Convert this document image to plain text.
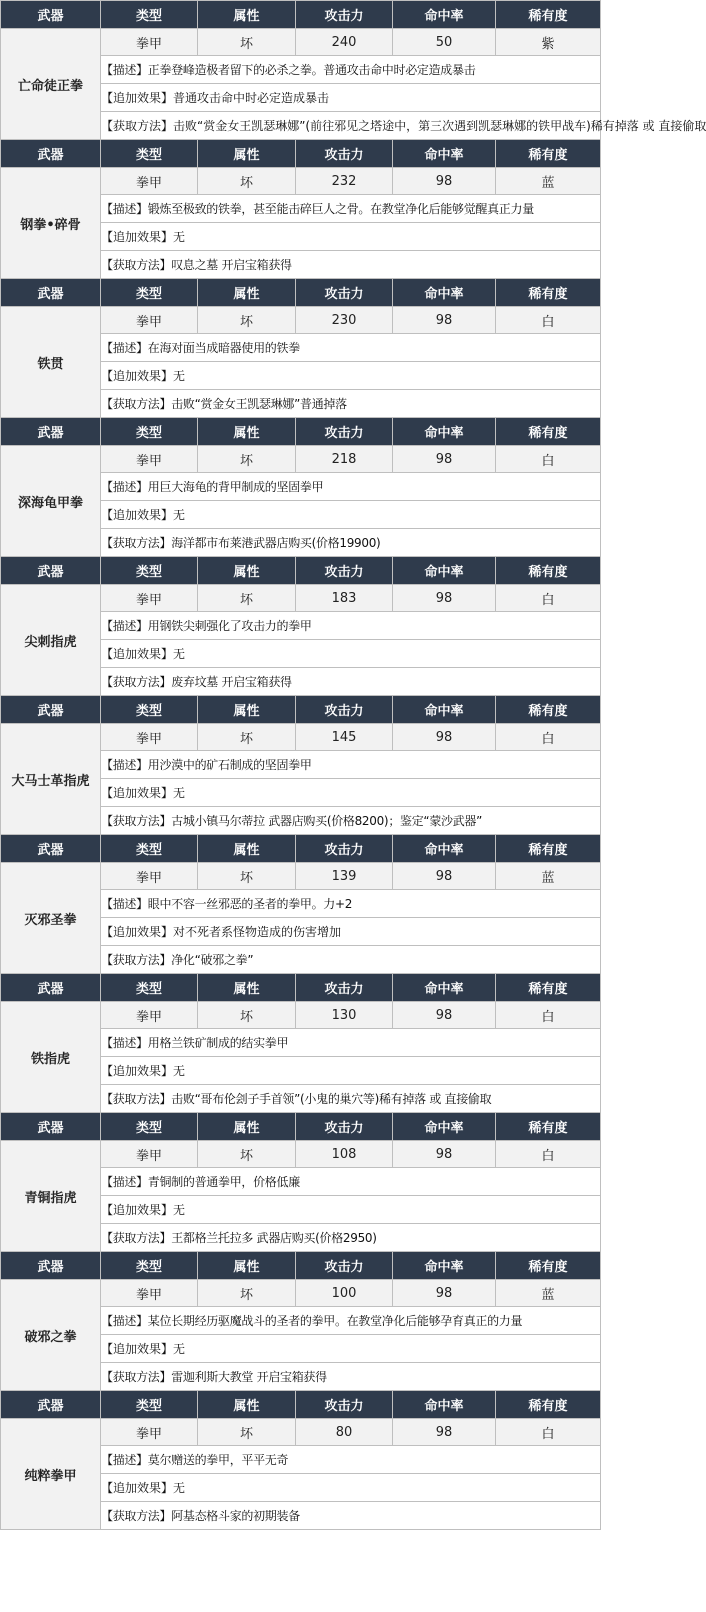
武器	类型	属性	攻击力	命中率	稀有度
亡命徒正拳	拳甲	坏	240	50	紫
	【描述】正拳登峰造极者留下的必杀之拳。普通攻击命中时必定造成暴击				
	【追加效果】普通攻击命中时必定造成暴击				
	【获取方法】击败“赏金女王凯瑟琳娜”(前往邪见之塔途中，第三次遇到凯瑟琳娜的铁甲战车)稀有掉落 或 直接偷取				
武器	类型	属性	攻击力	命中率	稀有度
钢拳•碎骨	拳甲	坏	232	98	蓝
	【描述】锻炼至极致的铁拳，甚至能击碎巨人之骨。在教堂净化后能够觉醒真正力量				
	【追加效果】无				
	【获取方法】叹息之墓 开启宝箱获得				
武器	类型	属性	攻击力	命中率	稀有度
铁贯	拳甲	坏	230	98	白
	【描述】在海对面当成暗器使用的铁拳				
	【追加效果】无				
	【获取方法】击败“赏金女王凯瑟琳娜”普通掉落				
武器	类型	属性	攻击力	命中率	稀有度
深海龟甲拳	拳甲	坏	218	98	白
	【描述】用巨大海龟的背甲制成的坚固拳甲				
	【追加效果】无				
	【获取方法】海洋都市布莱港武器店购买(价格19900)				
武器	类型	属性	攻击力	命中率	稀有度
尖刺指虎	拳甲	坏	183	98	白
	【描述】用钢铁尖刺强化了攻击力的拳甲				
	【追加效果】无				
	【获取方法】废弃坟墓 开启宝箱获得				
武器	类型	属性	攻击力	命中率	稀有度
大马士革指虎	拳甲	坏	145	98	白
	【描述】用沙漠中的矿石制成的坚固拳甲				
	【追加效果】无				
	【获取方法】古城小镇马尔蒂拉 武器店购买(价格8200)；鉴定“蒙沙武器”				
武器	类型	属性	攻击力	命中率	稀有度
灭邪圣拳	拳甲	坏	139	98	蓝
	【描述】眼中不容一丝邪恶的圣者的拳甲。力+2				
	【追加效果】对不死者系怪物造成的伤害增加				
	【获取方法】净化“破邪之拳”				
武器	类型	属性	攻击力	命中率	稀有度
铁指虎	拳甲	坏	130	98	白
	【描述】用格兰铁矿制成的结实拳甲				
	【追加效果】无				
	【获取方法】击败“哥布伦刽子手首领”(小鬼的巢穴等)稀有掉落 或 直接偷取				
武器	类型	属性	攻击力	命中率	稀有度
青铜指虎	拳甲	坏	108	98	白
	【描述】青铜制的普通拳甲，价格低廉				
	【追加效果】无				
	【获取方法】王都格兰托拉多 武器店购买(价格2950)				
武器	类型	属性	攻击力	命中率	稀有度
破邪之拳	拳甲	坏	100	98	蓝
	【描述】某位长期经历驱魔战斗的圣者的拳甲。在教堂净化后能够孕育真正的力量				
	【追加效果】无				
	【获取方法】雷迦利斯大教堂 开启宝箱获得				
武器	类型	属性	攻击力	命中率	稀有度
纯粹拳甲	拳甲	坏	80	98	白
	【描述】莫尔赠送的拳甲，平平无奇				
	【追加效果】无				
	【获取方法】阿基态格斗家的初期装备				
